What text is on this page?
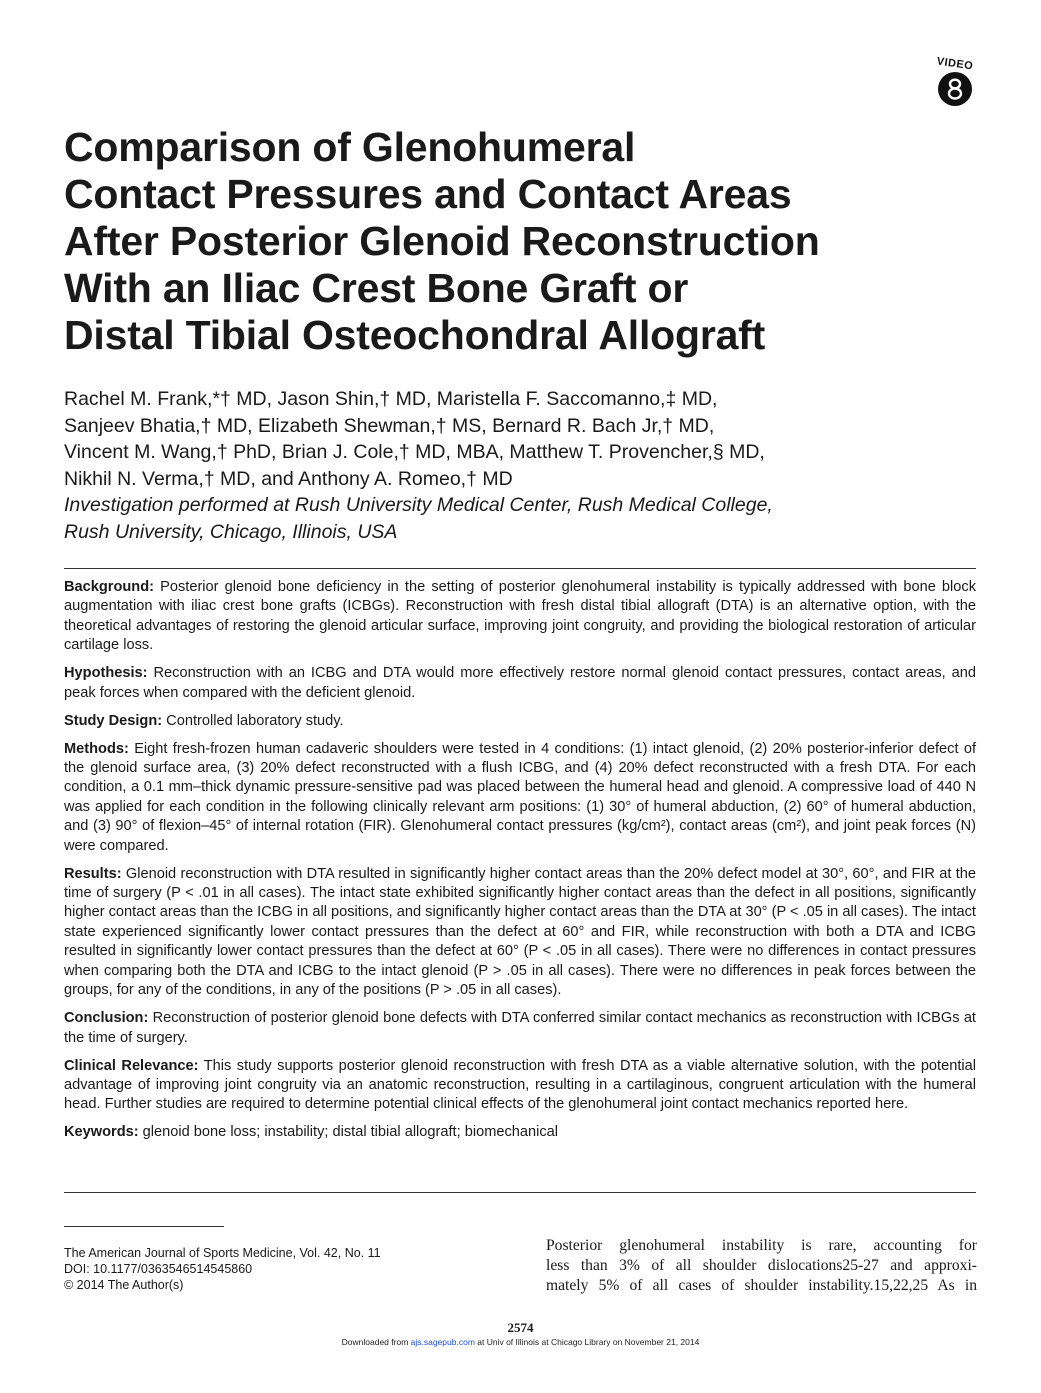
VIDEO
Comparison of Glenohumeral
Contact Pressures and Contact Areas
After Posterior Glenoid Reconstruction
With an Iliac Crest Bone Graft or
Distal Tibial Osteochondral Allograft
Rachel M. Frank,*† MD, Jason Shin,† MD, Maristella F. Saccomanno,‡ MD,
Sanjeev Bhatia,† MD, Elizabeth Shewman,† MS, Bernard R. Bach Jr,† MD,
Vincent M. Wang,† PhD, Brian J. Cole,† MD, MBA, Matthew T. Provencher,§ MD,
Nikhil N. Verma,† MD, and Anthony A. Romeo,† MD
Investigation performed at Rush University Medical Center, Rush Medical College,
Rush University, Chicago, Illinois, USA

Background: Posterior glenoid bone deficiency in the setting of posterior glenohumeral instability is typically addressed with bone block augmentation with iliac crest bone grafts (ICBGs). Reconstruction with fresh distal tibial allograft (DTA) is an alternative option, with the theoretical advantages of restoring the glenoid articular surface, improving joint congruity, and providing the biological restoration of articular cartilage loss.

Hypothesis: Reconstruction with an ICBG and DTA would more effectively restore normal glenoid contact pressures, contact areas, and peak forces when compared with the deficient glenoid.

Study Design: Controlled laboratory study.

Methods: Eight fresh-frozen human cadaveric shoulders were tested in 4 conditions: (1) intact glenoid, (2) 20% posterior-inferior defect of the glenoid surface area, (3) 20% defect reconstructed with a flush ICBG, and (4) 20% defect reconstructed with a fresh DTA. For each condition, a 0.1 mm–thick dynamic pressure-sensitive pad was placed between the humeral head and glenoid. A compressive load of 440 N was applied for each condition in the following clinically relevant arm positions: (1) 30° of humeral abduction, (2) 60° of humeral abduction, and (3) 90° of flexion–45° of internal rotation (FIR). Glenohumeral contact pressures (kg/cm²), contact areas (cm²), and joint peak forces (N) were compared.

Results: Glenoid reconstruction with DTA resulted in significantly higher contact areas than the 20% defect model at 30°, 60°, and FIR at the time of surgery (P < .01 in all cases). The intact state exhibited significantly higher contact areas than the defect in all positions, significantly higher contact areas than the ICBG in all positions, and significantly higher contact areas than the DTA at 30° (P < .05 in all cases). The intact state experienced significantly lower contact pressures than the defect at 60° and FIR, while reconstruction with both a DTA and ICBG resulted in significantly lower contact pressures than the defect at 60° (P < .05 in all cases). There were no differences in contact pressures when comparing both the DTA and ICBG to the intact glenoid (P > .05 in all cases). There were no differences in peak forces between the groups, for any of the conditions, in any of the positions (P > .05 in all cases).

Conclusion: Reconstruction of posterior glenoid bone defects with DTA conferred similar contact mechanics as reconstruction with ICBGs at the time of surgery.

Clinical Relevance: This study supports posterior glenoid reconstruction with fresh DTA as a viable alternative solution, with the potential advantage of improving joint congruity via an anatomic reconstruction, resulting in a cartilaginous, congruent articulation with the humeral head. Further studies are required to determine potential clinical effects of the glenohumeral joint contact mechanics reported here.

Keywords: glenoid bone loss; instability; distal tibial allograft; biomechanical

The American Journal of Sports Medicine, Vol. 42, No. 11
DOI: 10.1177/0363546514545860
© 2014 The Author(s)
Posterior glenohumeral instability is rare, accounting for
less than 3% of all shoulder dislocations25-27 and approxi-
mately 5% of all cases of shoulder instability.15,22,25 As in
2574
Downloaded from ajs.sagepub.com at Univ of Illinois at Chicago Library on November 21, 2014
